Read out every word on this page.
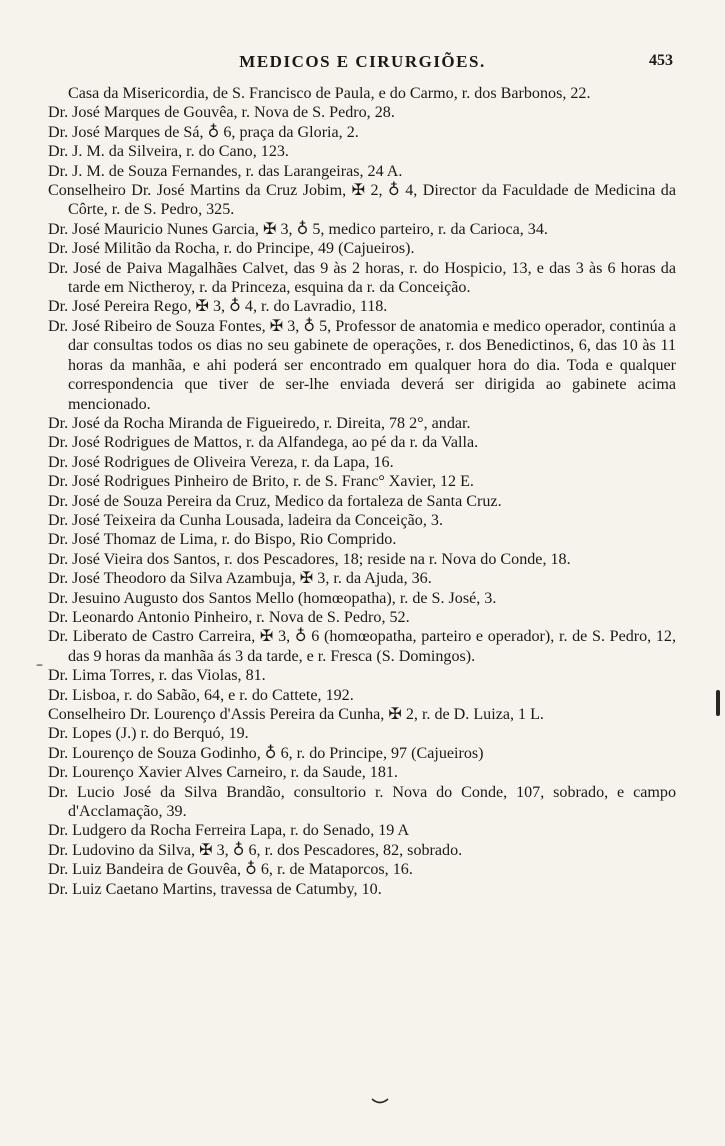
MEDICOS E CIRURGIÕES.	453
Casa da Misericordia, de S. Francisco de Paula, e do Carmo, r. dos Barbonos, 22.
Dr. José Marques de Gouvêa, r. Nova de S. Pedro, 28.
Dr. José Marques de Sá, ♁ 6, praça da Gloria, 2.
Dr. J. M. da Silveira, r. do Cano, 123.
Dr. J. M. de Souza Fernandes, r. das Larangeiras, 24 A.
Conselheiro Dr. José Martins da Cruz Jobim, ✠ 2, ♁ 4, Director da Faculdade de Medicina da Côrte, r. de S. Pedro, 325.
Dr. José Mauricio Nunes Garcia, ✠ 3, ♁ 5, medico parteiro, r. da Carioca, 34.
Dr. José Militão da Rocha, r. do Principe, 49 (Cajueiros).
Dr. José de Paiva Magalhães Calvet, das 9 às 2 horas, r. do Hospicio, 13, e das 3 às 6 horas da tarde em Nictheroy, r. da Princeza, esquina da r. da Conceição.
Dr. José Pereira Rego, ✠ 3, ♁ 4, r. do Lavradio, 118.
Dr. José Ribeiro de Souza Fontes, ✠ 3, ♁ 5, Professor de anatomia e medico operador, continúa a dar consultas todos os dias no seu gabinete de operações, r. dos Benedictinos, 6, das 10 às 11 horas da manhãa, e ahi poderá ser encontrado em qualquer hora do dia. Toda e qualquer correspondencia que tiver de ser-lhe enviada deverá ser dirigida ao gabinete acima mencionado.
Dr. José da Rocha Miranda de Figueiredo, r. Direita, 78 2°, andar.
Dr. José Rodrigues de Mattos, r. da Alfandega, ao pé da r. da Valla.
Dr. José Rodrigues de Oliveira Vereza, r. da Lapa, 16.
Dr. José Rodrigues Pinheiro de Brito, r. de S. Franc° Xavier, 12 E.
Dr. José de Souza Pereira da Cruz, Medico da fortaleza de Santa Cruz.
Dr. José Teixeira da Cunha Lousada, ladeira da Conceição, 3.
Dr. José Thomaz de Lima, r. do Bispo, Rio Comprido.
Dr. José Vieira dos Santos, r. dos Pescadores, 18; reside na r. Nova do Conde, 18.
Dr. José Theodoro da Silva Azambuja, ✠ 3, r. da Ajuda, 36.
Dr. Jesuino Augusto dos Santos Mello (homœopatha), r. de S. José, 3.
Dr. Leonardo Antonio Pinheiro, r. Nova de S. Pedro, 52.
Dr. Liberato de Castro Carreira, ✠ 3, ♁ 6 (homœopatha, parteiro e operador), r. de S. Pedro, 12, das 9 horas da manhãa ás 3 da tarde, e r. Fresca (S. Domingos).
Dr. Lima Torres, r. das Violas, 81.
Dr. Lisboa, r. do Sabão, 64, e r. do Cattete, 192.
Conselheiro Dr. Lourenço d'Assis Pereira da Cunha, ✠ 2, r. de D. Luiza, 1 L.
Dr. Lopes (J.) r. do Berquó, 19.
Dr. Lourenço de Souza Godinho, ♁ 6, r. do Principe, 97 (Cajueiros)
Dr. Lourenço Xavier Alves Carneiro, r. da Saude, 181.
Dr. Lucio José da Silva Brandão, consultorio r. Nova do Conde, 107, sobrado, e campo d'Acclamação, 39.
Dr. Ludgero da Rocha Ferreira Lapa, r. do Senado, 19 A
Dr. Ludovino da Silva, ✠ 3, ♁ 6, r. dos Pescadores, 82, sobrado.
Dr. Luiz Bandeira de Gouvêa, ♁ 6, r. de Mataporcos, 16.
Dr. Luiz Caetano Martins, travessa de Catumby, 10.
–
